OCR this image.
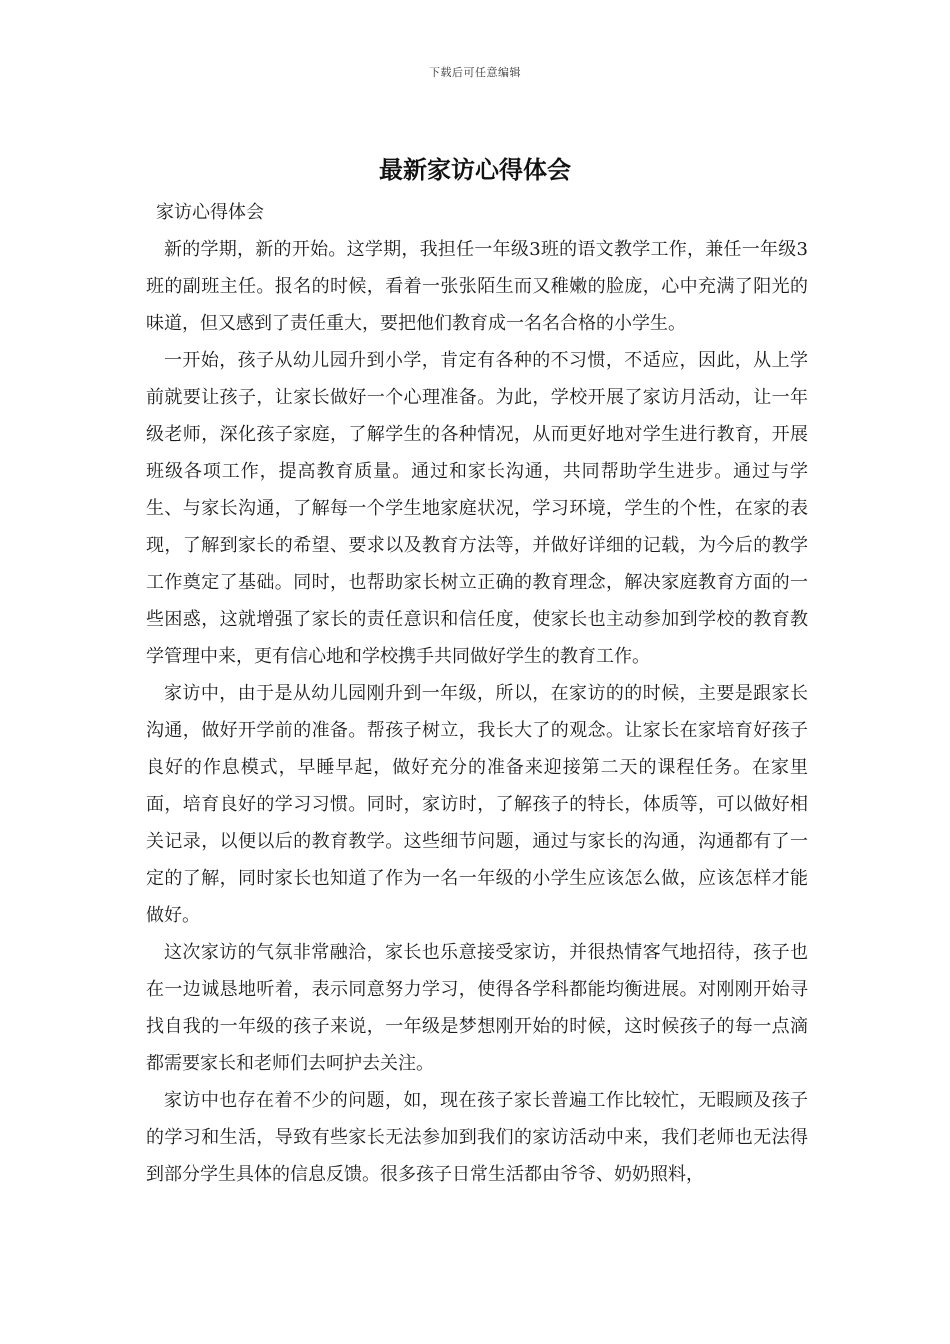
下载后可任意编辑
最新家访心得体会

家访心得体会

新的学期，新的开始。这学期，我担任一年级3班的语文教学工作，兼任一年级3班的副班主任。报名的时候，看着一张张陌生而又稚嫩的脸庞，心中充满了阳光的味道，但又感到了责任重大，要把他们教育成一名名合格的小学生。

一开始，孩子从幼儿园升到小学，肯定有各种的不习惯，不适应，因此，从上学前就要让孩子，让家长做好一个心理准备。为此，学校开展了家访月活动，让一年级老师，深化孩子家庭，了解学生的各种情况，从而更好地对学生进行教育，开展班级各项工作，提高教育质量。通过和家长沟通，共同帮助学生进步。通过与学生、与家长沟通，了解每一个学生地家庭状况，学习环境，学生的个性，在家的表现，了解到家长的希望、要求以及教育方法等，并做好详细的记载，为今后的教学工作奠定了基础。同时，也帮助家长树立正确的教育理念，解决家庭教育方面的一些困惑，这就增强了家长的责任意识和信任度，使家长也主动参加到学校的教育教学管理中来，更有信心地和学校携手共同做好学生的教育工作。

家访中，由于是从幼儿园刚升到一年级，所以，在家访的的时候，主要是跟家长沟通，做好开学前的准备。帮孩子树立，我长大了的观念。让家长在家培育好孩子良好的作息模式，早睡早起，做好充分的准备来迎接第二天的课程任务。在家里面，培育良好的学习习惯。同时，家访时，了解孩子的特长，体质等，可以做好相关记录，以便以后的教育教学。这些细节问题，通过与家长的沟通，沟通都有了一定的了解，同时家长也知道了作为一名一年级的小学生应该怎么做，应该怎样才能做好。

这次家访的气氛非常融洽，家长也乐意接受家访，并很热情客气地招待，孩子也在一边诚恳地听着，表示同意努力学习，使得各学科都能均衡进展。对刚刚开始寻找自我的一年级的孩子来说，一年级是梦想刚开始的时候，这时候孩子的每一点滴都需要家长和老师们去呵护去关注。

家访中也存在着不少的问题，如，现在孩子家长普遍工作比较忙，无暇顾及孩子的学习和生活，导致有些家长无法参加到我们的家访活动中来，我们老师也无法得到部分学生具体的信息反馈。很多孩子日常生活都由爷爷、奶奶照料，
